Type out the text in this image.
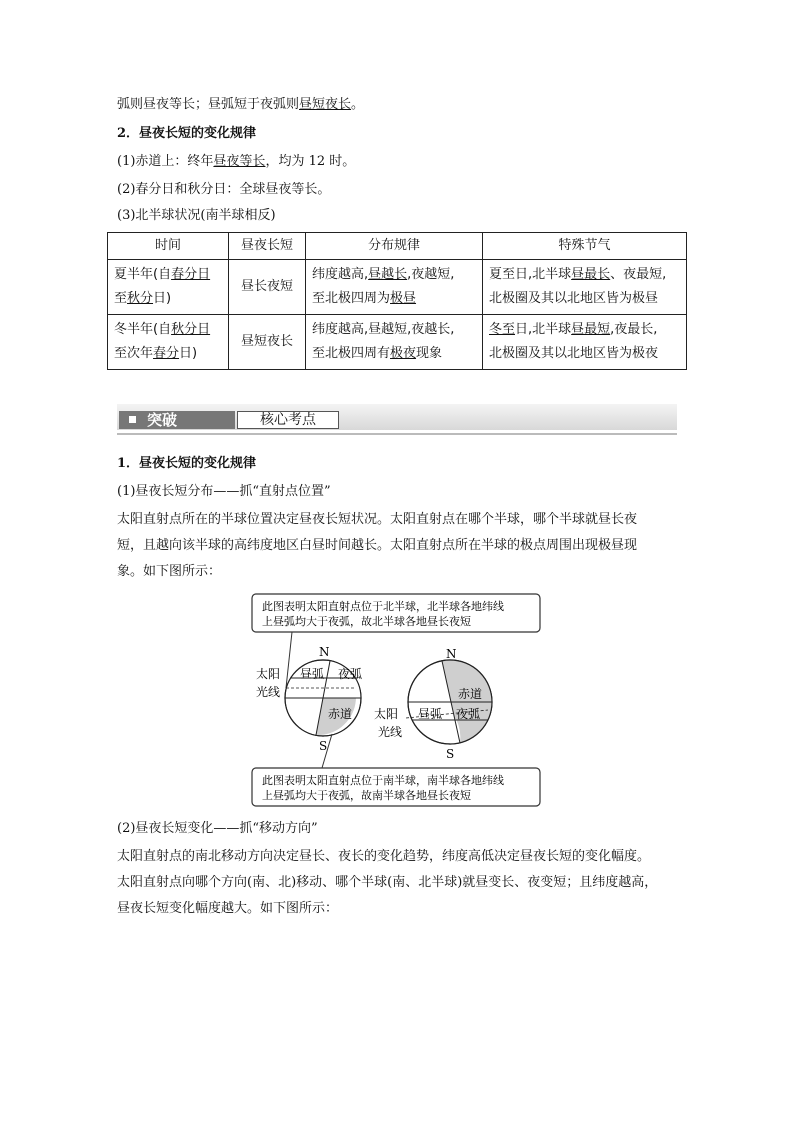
弧则昼夜等长；昼弧短于夜弧则昼短夜长。
2．昼夜长短的变化规律
(1)赤道上：终年昼夜等长，均为 12 时。
(2)春分日和秋分日：全球昼夜等长。
(3)北半球状况(南半球相反)
时间	昼夜长短	分布规律	特殊节气
夏半年(自春分日
至秋分日)	昼长夜短	纬度越高,昼越长,夜越短,
至北极四周为极昼	夏至日,北半球昼最长、夜最短,
北极圈及其以北地区皆为极昼
冬半年(自秋分日
至次年春分日)	昼短夜长	纬度越高,昼越短,夜越长,
至北极四周有极夜现象	冬至日,北半球昼最短,夜最长,
北极圈及其以北地区皆为极夜
突破	核心考点
1．昼夜长短的变化规律
(1)昼夜长短分布——抓“直射点位置”
太阳直射点所在的半球位置决定昼夜长短状况。太阳直射点在哪个半球，哪个半球就昼长夜
短，且越向该半球的高纬度地区白昼时间越长。太阳直射点所在半球的极点周围出现极昼现
象。如下图所示：
此图表明太阳直射点位于北半球，北半球各地纬线
上昼弧均大于夜弧，故北半球各地昼长夜短
N
S
昼弧 夜弧
赤道
太阳
光线
N
S
赤道
昼弧 夜弧
太阳
光线
此图表明太阳直射点位于南半球，南半球各地纬线
上昼弧均大于夜弧，故南半球各地昼长夜短
(2)昼夜长短变化——抓“移动方向”
太阳直射点的南北移动方向决定昼长、夜长的变化趋势，纬度高低决定昼夜长短的变化幅度。
太阳直射点向哪个方向(南、北)移动、哪个半球(南、北半球)就昼变长、夜变短；且纬度越高，
昼夜长短变化幅度越大。如下图所示：
